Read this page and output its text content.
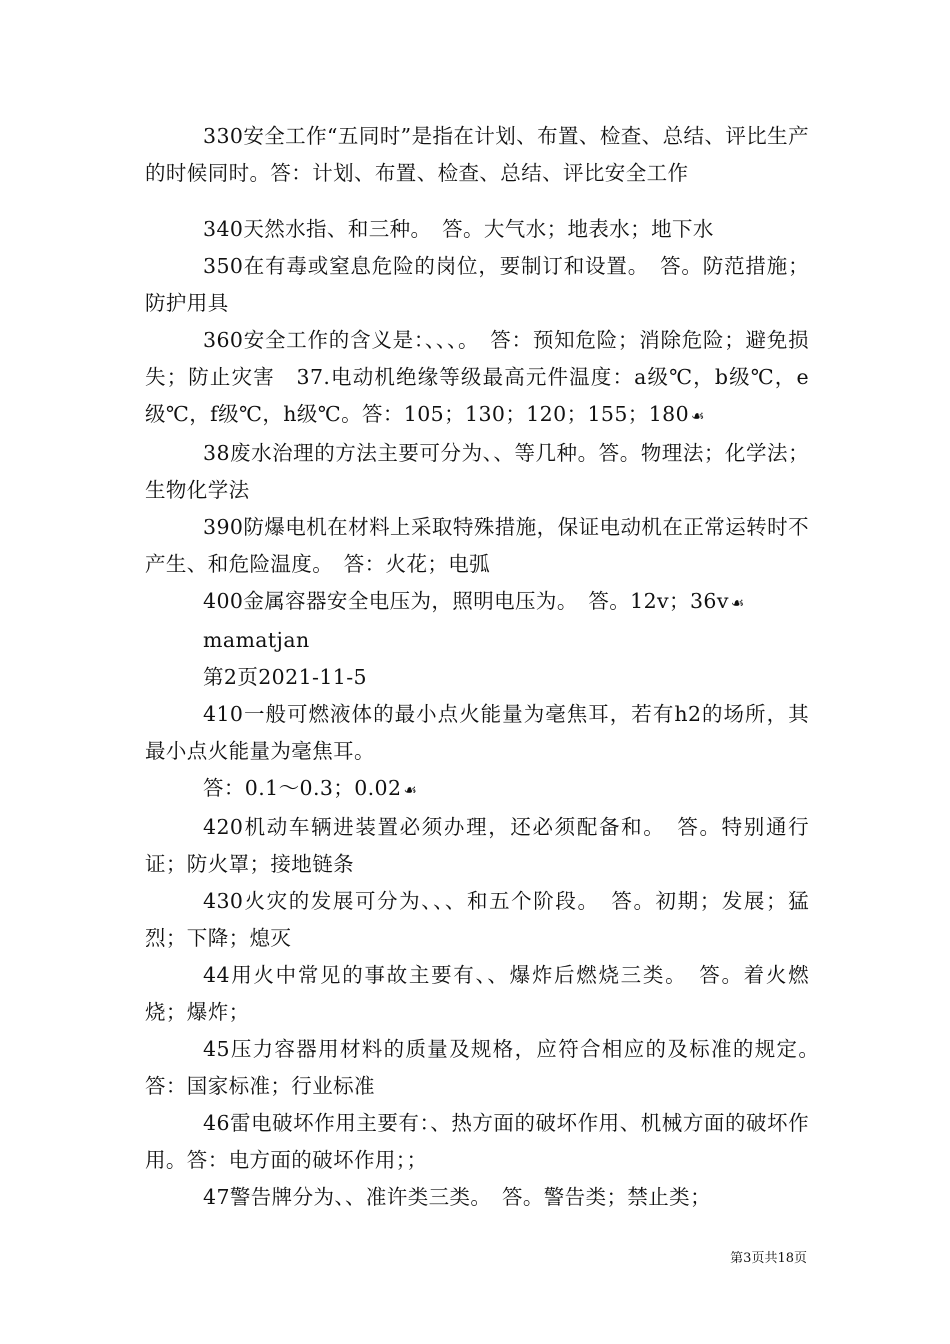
330安全工作“五同时”是指在计划、布置、检查、总结、评比生产的时候同时。答：计划、布置、检查、总结、评比安全工作

340天然水指、和三种。　答。大气水；地表水；地下水

350在有毒或窒息危险的岗位，要制订和设置。　答。防范措施；防护用具

360安全工作的含义是：、、、。　答：预知危险；消除危险；避免损失；防止灾害　37.电动机绝缘等级最高元件温度：a级℃，b级℃，e级℃，f级℃，h级℃。答：105；130；120；155；180 ☙

38废水治理的方法主要可分为、、等几种。答。物理法；化学法；生物化学法

390防爆电机在材料上采取特殊措施，保证电动机在正常运转时不产生、和危险温度。　答：火花；电弧

400金属容器安全电压为，照明电压为。　答。12v；36v ☙

mamatjan

第2页2021-11-5

410一般可燃液体的最小点火能量为毫焦耳，若有h2的场所，其最小点火能量为毫焦耳。

答：0.1～0.3；0.02 ☙

420机动车辆进装置必须办理，还必须配备和。　答。特别通行证；防火罩；接地链条

430火灾的发展可分为、、、和五个阶段。　答。初期；发展；猛烈；下降；熄灭

44用火中常见的事故主要有、、爆炸后燃烧三类。　答。着火燃烧；爆炸；

45压力容器用材料的质量及规格，应符合相应的及标准的规定。　答：国家标准；行业标准

46雷电破坏作用主要有：、热方面的破坏作用、机械方面的破坏作用。答：电方面的破坏作用；；

47警告牌分为、、准许类三类。　答。警告类；禁止类；

第3页共18页
